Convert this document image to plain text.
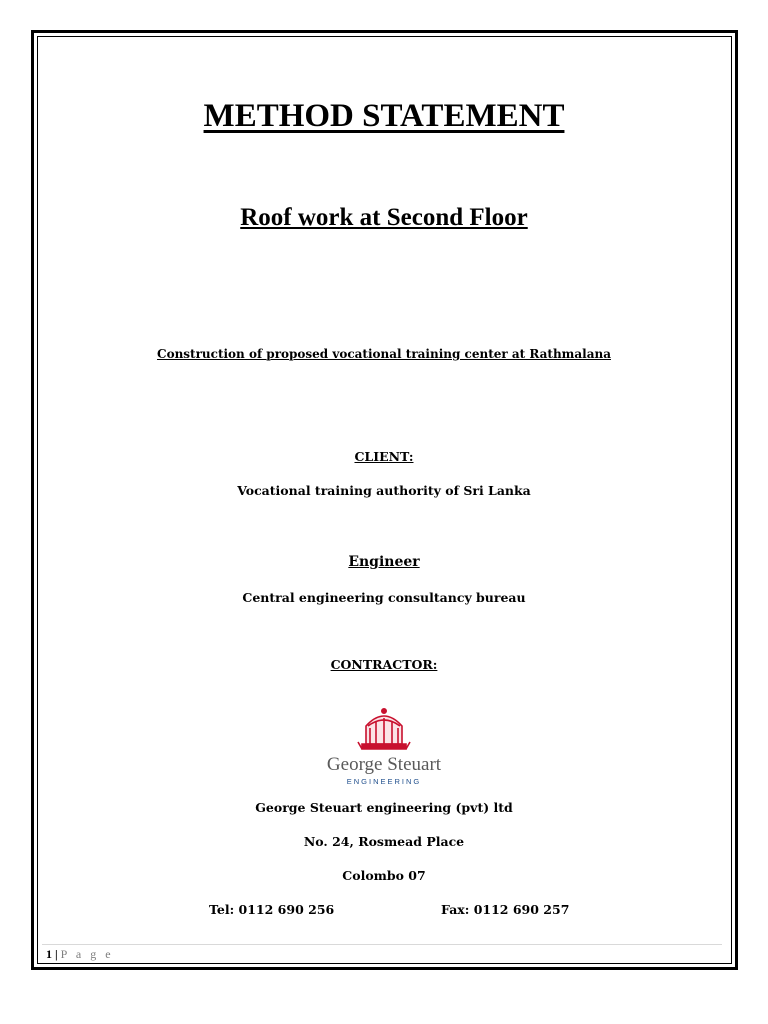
METHOD STATEMENT
Roof work at Second Floor
Construction of proposed vocational training center at Rathmalana
CLIENT:
Vocational training authority of Sri Lanka
Engineer
Central engineering consultancy bureau
CONTRACTOR:
George Steuart
ENGINEERING
George Steuart engineering (pvt) ltd
No. 24, Rosmead Place
Colombo 07
Tel: 0112 690 256	Fax: 0112 690 257
1 | P a g e
